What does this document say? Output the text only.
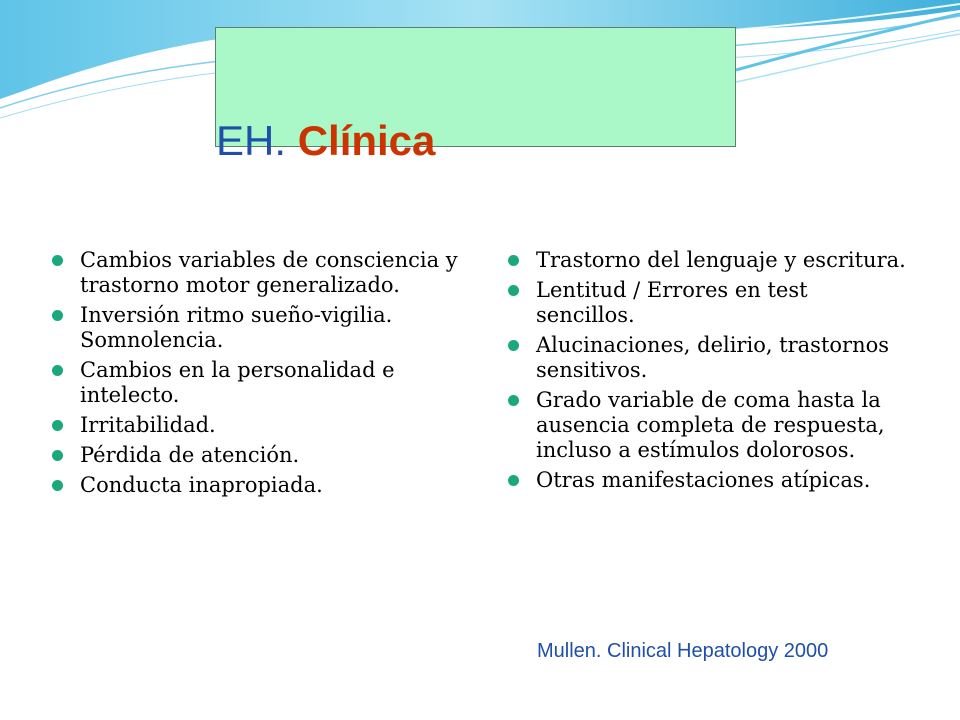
EH. Clínica
Cambios variables de consciencia y trastorno motor generalizado.
Inversión ritmo sueño-vigilia. Somnolencia.
Cambios en la personalidad e intelecto.
Irritabilidad.
Pérdida de atención.
Conducta inapropiada.
Trastorno del lenguaje y escritura.
Lentitud / Errores en test sencillos.
Alucinaciones, delirio, trastornos sensitivos.
Grado variable de coma hasta la ausencia completa de respuesta, incluso a estímulos dolorosos.
Otras manifestaciones atípicas.
Mullen. Clinical Hepatology 2000
